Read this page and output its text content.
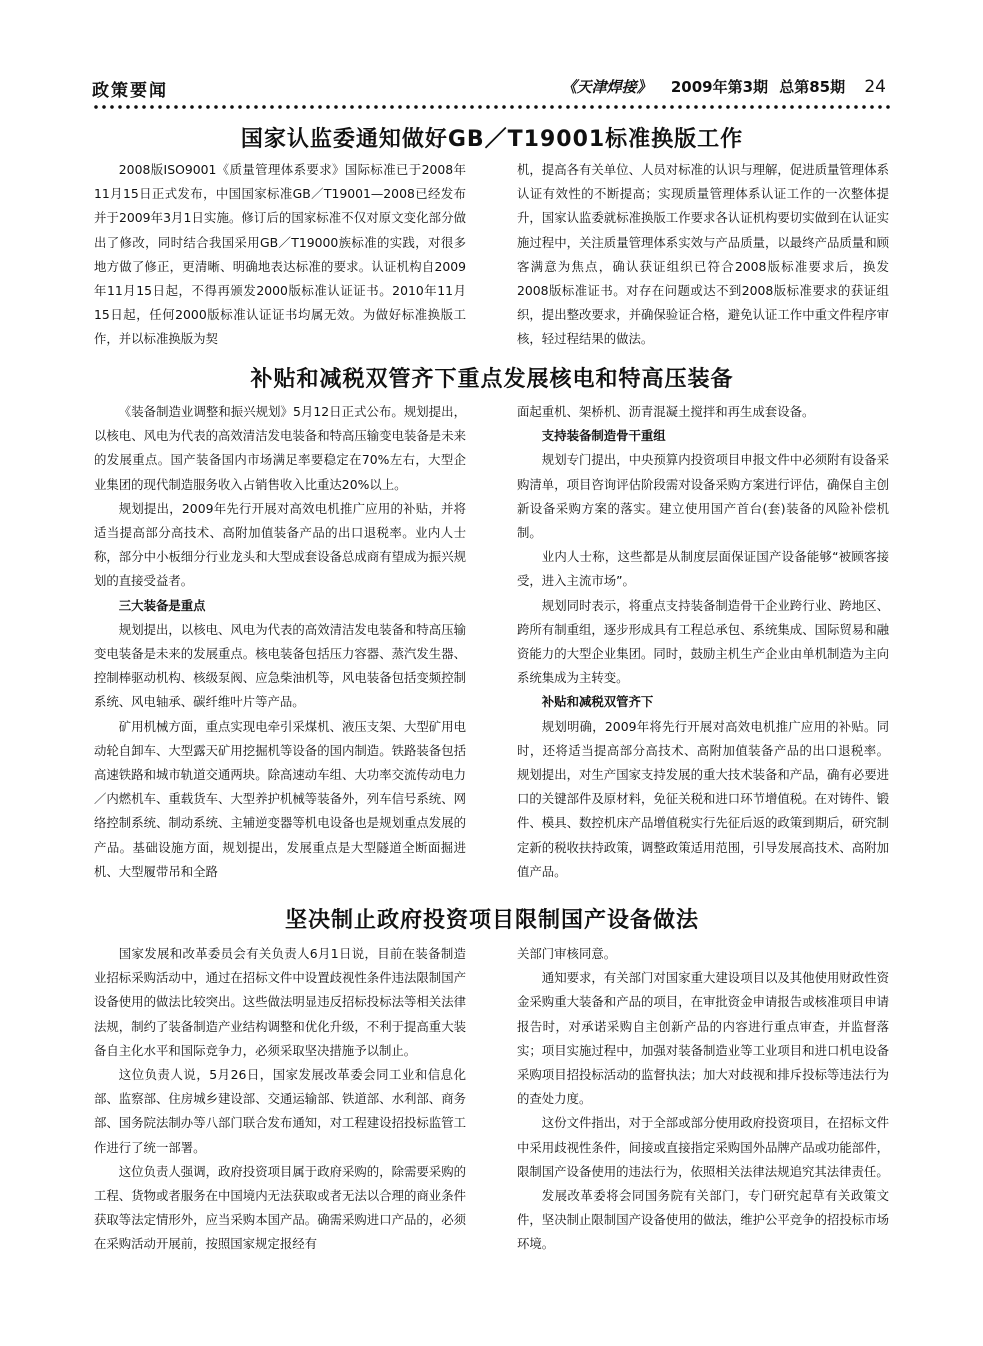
政策要闻	《天津焊接》 2009年第3期 总第85期 24
国家认监委通知做好GB／T19001标准换版工作

2008版ISO9001《质量管理体系要求》国际标准已于2008年11月15日正式发布，中国国家标准GB／T19001—2008已经发布并于2009年3月1日实施。修订后的国家标准不仅对原文变化部分做出了修改，同时结合我国采用GB／T19000族标准的实践，对很多地方做了修正，更清晰、明确地表达标准的要求。认证机构自2009年11月15日起，不得再颁发2000版标准认证证书。2010年11月15日起，任何2000版标准认证证书均属无效。为做好标准换版工作，并以标准换版为契

机，提高各有关单位、人员对标准的认识与理解，促进质量管理体系认证有效性的不断提高；实现质量管理体系认证工作的一次整体提升，国家认监委就标准换版工作要求各认证机构要切实做到在认证实施过程中，关注质量管理体系实效与产品质量，以最终产品质量和顾客满意为焦点，确认获证组织已符合2008版标准要求后，换发2008版标准证书。对存在问题或达不到2008版标准要求的获证组织，提出整改要求，并确保验证合格，避免认证工作中重文件程序审核，轻过程结果的做法。

补贴和减税双管齐下重点发展核电和特高压装备

《装备制造业调整和振兴规划》5月12日正式公布。规划提出，以核电、风电为代表的高效清洁发电装备和特高压输变电装备是未来的发展重点。国产装备国内市场满足率要稳定在70%左右，大型企业集团的现代制造服务收入占销售收入比重达20%以上。

规划提出，2009年先行开展对高效电机推广应用的补贴，并将适当提高部分高技术、高附加值装备产品的出口退税率。业内人士称，部分中小板细分行业龙头和大型成套设备总成商有望成为振兴规划的直接受益者。

三大装备是重点

规划提出，以核电、风电为代表的高效清洁发电装备和特高压输变电装备是未来的发展重点。核电装备包括压力容器、蒸汽发生器、控制棒驱动机构、核级泵阀、应急柴油机等，风电装备包括变频控制系统、风电轴承、碳纤维叶片等产品。

矿用机械方面，重点实现电牵引采煤机、液压支架、大型矿用电动轮自卸车、大型露天矿用挖掘机等设备的国内制造。铁路装备包括高速铁路和城市轨道交通两块。除高速动车组、大功率交流传动电力／内燃机车、重载货车、大型养护机械等装备外，列车信号系统、网络控制系统、制动系统、主辅逆变器等机电设备也是规划重点发展的产品。基础设施方面，规划提出，发展重点是大型隧道全断面掘进机、大型履带吊和全路

面起重机、架桥机、沥青混凝土搅拌和再生成套设备。

支持装备制造骨干重组

规划专门提出，中央预算内投资项目申报文件中必须附有设备采购清单，项目咨询评估阶段需对设备采购方案进行评估，确保自主创新设备采购方案的落实。建立使用国产首台(套)装备的风险补偿机制。

业内人士称，这些都是从制度层面保证国产设备能够“被顾客接受，进入主流市场”。

规划同时表示，将重点支持装备制造骨干企业跨行业、跨地区、跨所有制重组，逐步形成具有工程总承包、系统集成、国际贸易和融资能力的大型企业集团。同时，鼓励主机生产企业由单机制造为主向系统集成为主转变。

补贴和减税双管齐下

规划明确，2009年将先行开展对高效电机推广应用的补贴。同时，还将适当提高部分高技术、高附加值装备产品的出口退税率。 规划提出，对生产国家支持发展的重大技术装备和产品，确有必要进口的关键部件及原材料，免征关税和进口环节增值税。在对铸件、锻件、模具、数控机床产品增值税实行先征后返的政策到期后，研究制定新的税收扶持政策，调整政策适用范围，引导发展高技术、高附加值产品。

坚决制止政府投资项目限制国产设备做法

国家发展和改革委员会有关负责人6月1日说，目前在装备制造业招标采购活动中，通过在招标文件中设置歧视性条件违法限制国产设备使用的做法比较突出。这些做法明显违反招标投标法等相关法律法规，制约了装备制造产业结构调整和优化升级，不利于提高重大装备自主化水平和国际竞争力，必须采取坚决措施予以制止。

这位负责人说，5月26日，国家发展改革委会同工业和信息化部、监察部、住房城乡建设部、交通运输部、铁道部、水利部、商务部、国务院法制办等八部门联合发布通知，对工程建设招投标监管工作进行了统一部署。

这位负责人强调，政府投资项目属于政府采购的，除需要采购的工程、货物或者服务在中国境内无法获取或者无法以合理的商业条件获取等法定情形外，应当采购本国产品。确需采购进口产品的，必须在采购活动开展前，按照国家规定报经有

关部门审核同意。

通知要求，有关部门对国家重大建设项目以及其他使用财政性资金采购重大装备和产品的项目，在审批资金申请报告或核准项目申请报告时，对承诺采购自主创新产品的内容进行重点审查，并监督落实；项目实施过程中，加强对装备制造业等工业项目和进口机电设备采购项目招投标活动的监督执法；加大对歧视和排斥投标等违法行为的查处力度。

这份文件指出，对于全部或部分使用政府投资项目，在招标文件中采用歧视性条件，间接或直接指定采购国外品牌产品或功能部件，限制国产设备使用的违法行为，依照相关法律法规追究其法律责任。

发展改革委将会同国务院有关部门，专门研究起草有关政策文件，坚决制止限制国产设备使用的做法，维护公平竞争的招投标市场环境。
